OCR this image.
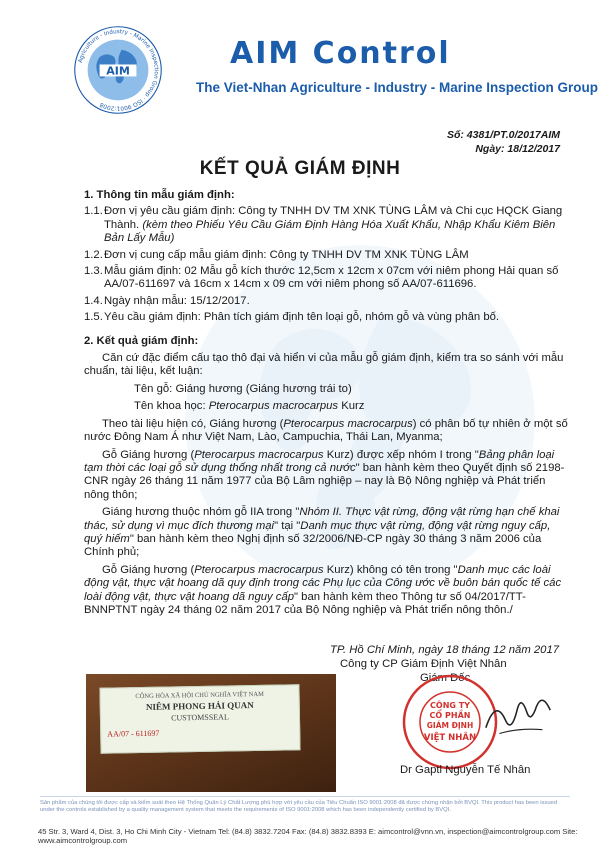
AIM
Agriculture - Industry - Marine Inspection Group · ISO 9001:2008
AIM Control
The Viet-Nhan Agriculture - Industry - Marine Inspection Group
Số: 4381/PT.0/2017AIM
Ngày: 18/12/2017
KẾT QUẢ GIÁM ĐỊNH
1. Thông tin mẫu giám định:
1.1. Đơn vị yêu cầu giám định: Công ty TNHH DV TM XNK TÙNG LÂM và Chi cục HQCK Giang Thành. (kèm theo Phiếu Yêu Cầu Giám Định Hàng Hóa Xuất Khẩu, Nhập Khẩu Kiêm Biên Bản Lấy Mẫu)
1.2. Đơn vị cung cấp mẫu giám định: Công ty TNHH DV TM XNK TÙNG LÂM
1.3. Mẫu giám định: 02 Mẫu gỗ kích thước 12,5cm x 12cm x 07cm với niêm phong Hải quan số AA/07-611697 và 16cm x 14cm x 09 cm với niêm phong số AA/07-611696.
1.4. Ngày nhận mẫu: 15/12/2017.
1.5. Yêu cầu giám định: Phân tích giám định tên loại gỗ, nhóm gỗ và vùng phân bố.
2. Kết quả giám định:
Căn cứ đặc điểm cấu tạo thô đại và hiển vi của mẫu gỗ giám định, kiểm tra so sánh với mẫu chuẩn, tài liệu, kết luận:
Tên gỗ: Giáng hương (Giáng hương trái to)
Tên khoa học: Pterocarpus macrocarpus Kurz
Theo tài liệu hiện có, Giáng hương (Pterocarpus macrocarpus) có phân bố tự nhiên ở một số nước Đông Nam Á như Việt Nam, Lào, Campuchia, Thái Lan, Myanma;
Gỗ Giáng hương (Pterocarpus macrocarpus Kurz) được xếp nhóm I trong "Bảng phân loại tạm thời các loại gỗ sử dụng thống nhất trong cả nước" ban hành kèm theo Quyết định số 2198-CNR ngày 26 tháng 11 năm 1977 của Bộ Lâm nghiệp – nay là Bộ Nông nghiệp và Phát triển nông thôn;
Giáng hương thuộc nhóm gỗ IIA trong "Nhóm II. Thực vật rừng, động vật rừng hạn chế khai thác, sử dụng vì mục đích thương mại" tại "Danh mục thực vật rừng, động vật rừng nguy cấp, quý hiếm" ban hành kèm theo Nghị định số 32/2006/NĐ-CP ngày 30 tháng 3 năm 2006 của Chính phủ;
Gỗ Giáng hương (Pterocarpus macrocarpus Kurz) không có tên trong "Danh mục các loài động vật, thực vật hoang dã quy định trong các Phụ lục của Công ước về buôn bán quốc tế các loài động vật, thực vật hoang dã nguy cấp" ban hành kèm theo Thông tư số 04/2017/TT-BNNPTNT ngày 24 tháng 02 năm 2017 của Bộ Nông nghiệp và Phát triển nông thôn./
CỘNG HÒA XÃ HỘI CHỦ NGHĨA VIỆT NAM
NIÊM PHONG HẢI QUAN
CUSTOMSSEAL
AA/07 - 611697
TP. Hồ Chí Minh, ngày 18 tháng 12 năm 2017
Công ty CP Giám Định Việt Nhân
Giám Đốc
CÔNG TY
CỔ PHẦN
GIÁM ĐỊNH
VIỆT NHÂN
Dr Gaptl Nguyễn Tế Nhân
Sản phẩm của chúng tôi được cấp và kiểm soát theo Hệ Thống Quản Lý Chất Lượng phù hợp với yêu cầu của Tiêu Chuẩn ISO 9001:2008 đã được chứng nhận bởi BVQI. This product has been issued under the controls established by a quality management system that meets the requirements of ISO 9001:2008 which has been independently certified by BVQI.
45 Str. 3, Ward 4, Dist. 3, Ho Chi Minh City - Vietnam Tel: (84.8) 3832.7204 Fax: (84.8) 3832.8393 E: aimcontrol@vnn.vn, inspection@aimcontrolgroup.com Site: www.aimcontrolgroup.com
